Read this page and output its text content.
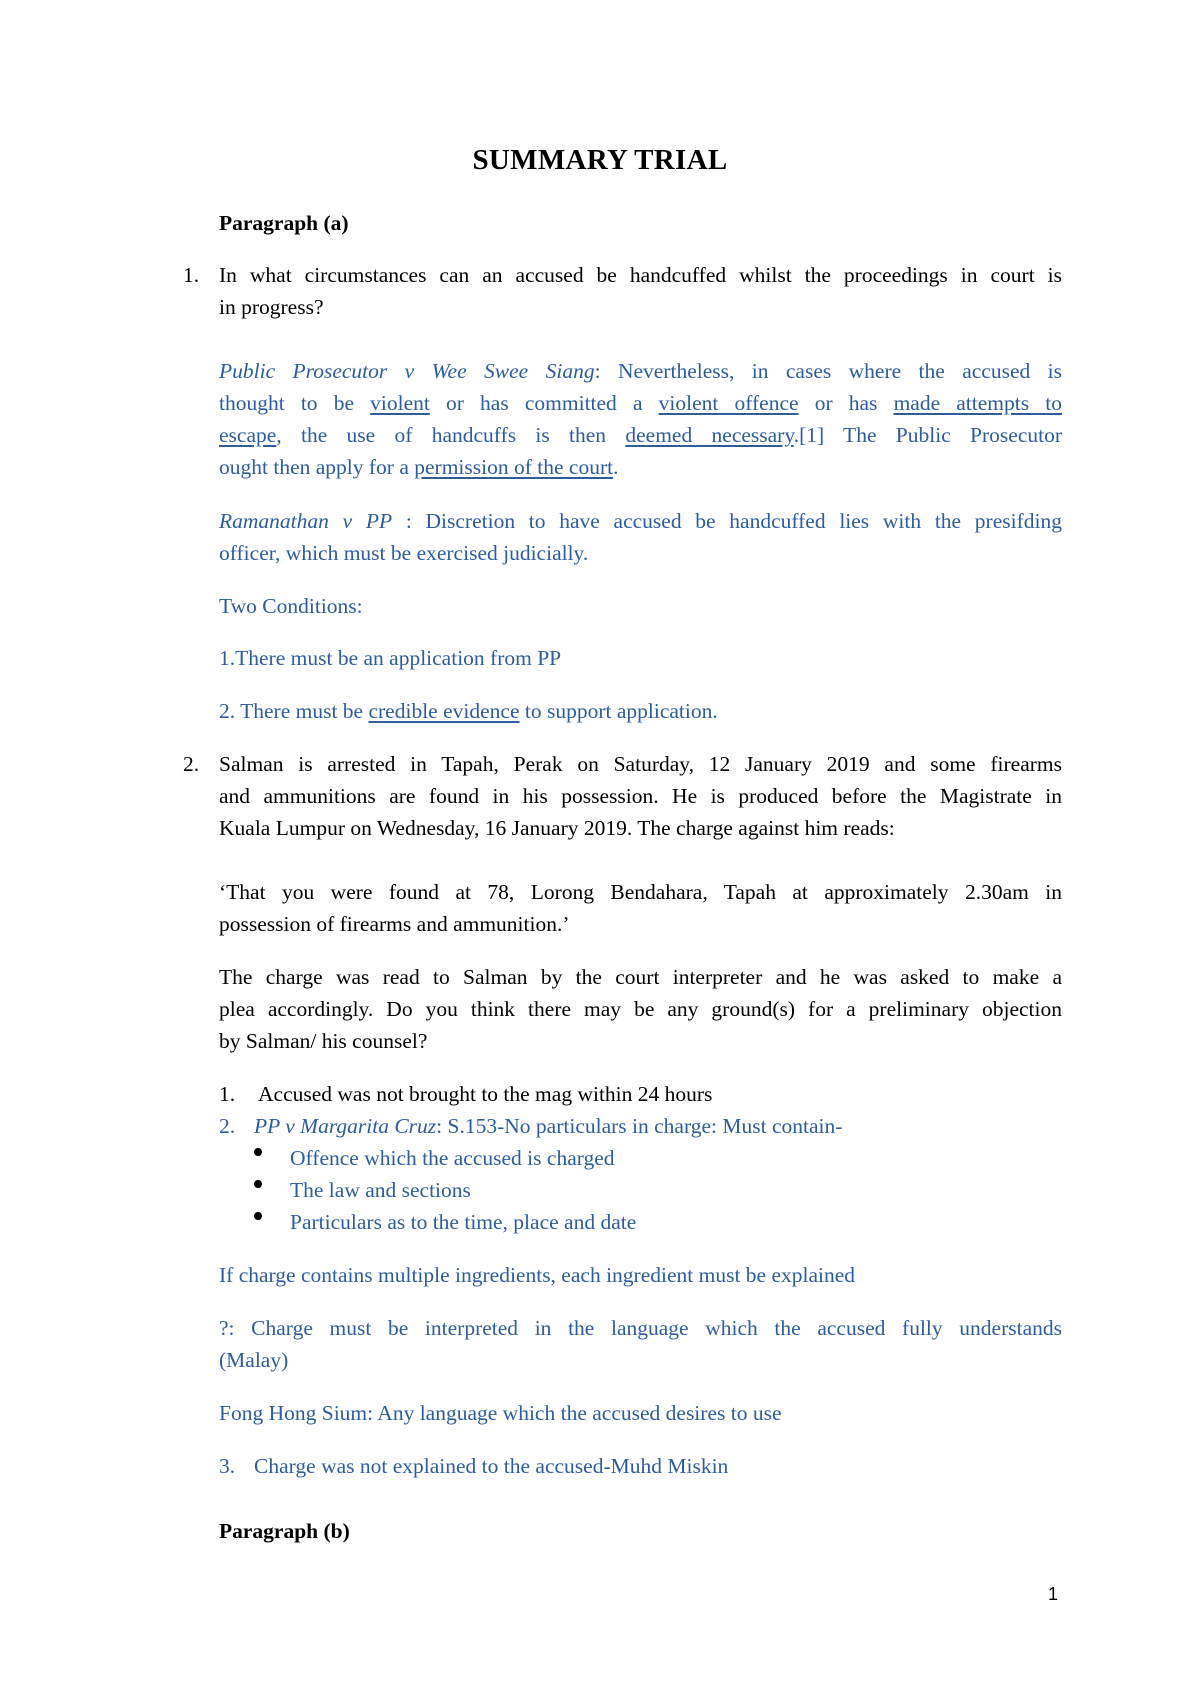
SUMMARY TRIAL
Paragraph (a)
1. In what circumstances can an accused be handcuffed whilst the proceedings in court is
in progress?
Public Prosecutor v Wee Swee Siang: Nevertheless, in cases where the accused is
thought to be violent or has committed a violent offence or has made attempts to
escape, the use of handcuffs is then deemed necessary.[1] The Public Prosecutor
ought then apply for a permission of the court.
Ramanathan v PP : Discretion to have accused be handcuffed lies with the presifding
officer, which must be exercised judicially.
Two Conditions:
1.There must be an application from PP
2. There must be credible evidence to support application.
2. Salman is arrested in Tapah, Perak on Saturday, 12 January 2019 and some firearms
and ammunitions are found in his possession. He is produced before the Magistrate in
Kuala Lumpur on Wednesday, 16 January 2019. The charge against him reads:
‘That you were found at 78, Lorong Bendahara, Tapah at approximately 2.30am in
possession of firearms and ammunition.’
The charge was read to Salman by the court interpreter and he was asked to make a
plea accordingly. Do you think there may be any ground(s) for a preliminary objection
by Salman/ his counsel?
1. Accused was not brought to the mag within 24 hours
2. PP v Margarita Cruz: S.153-No particulars in charge: Must contain-
Offence which the accused is charged
The law and sections
Particulars as to the time, place and date
If charge contains multiple ingredients, each ingredient must be explained
?: Charge must be interpreted in the language which the accused fully understands
(Malay)
Fong Hong Sium: Any language which the accused desires to use
3. Charge was not explained to the accused-Muhd Miskin
Paragraph (b)
1
